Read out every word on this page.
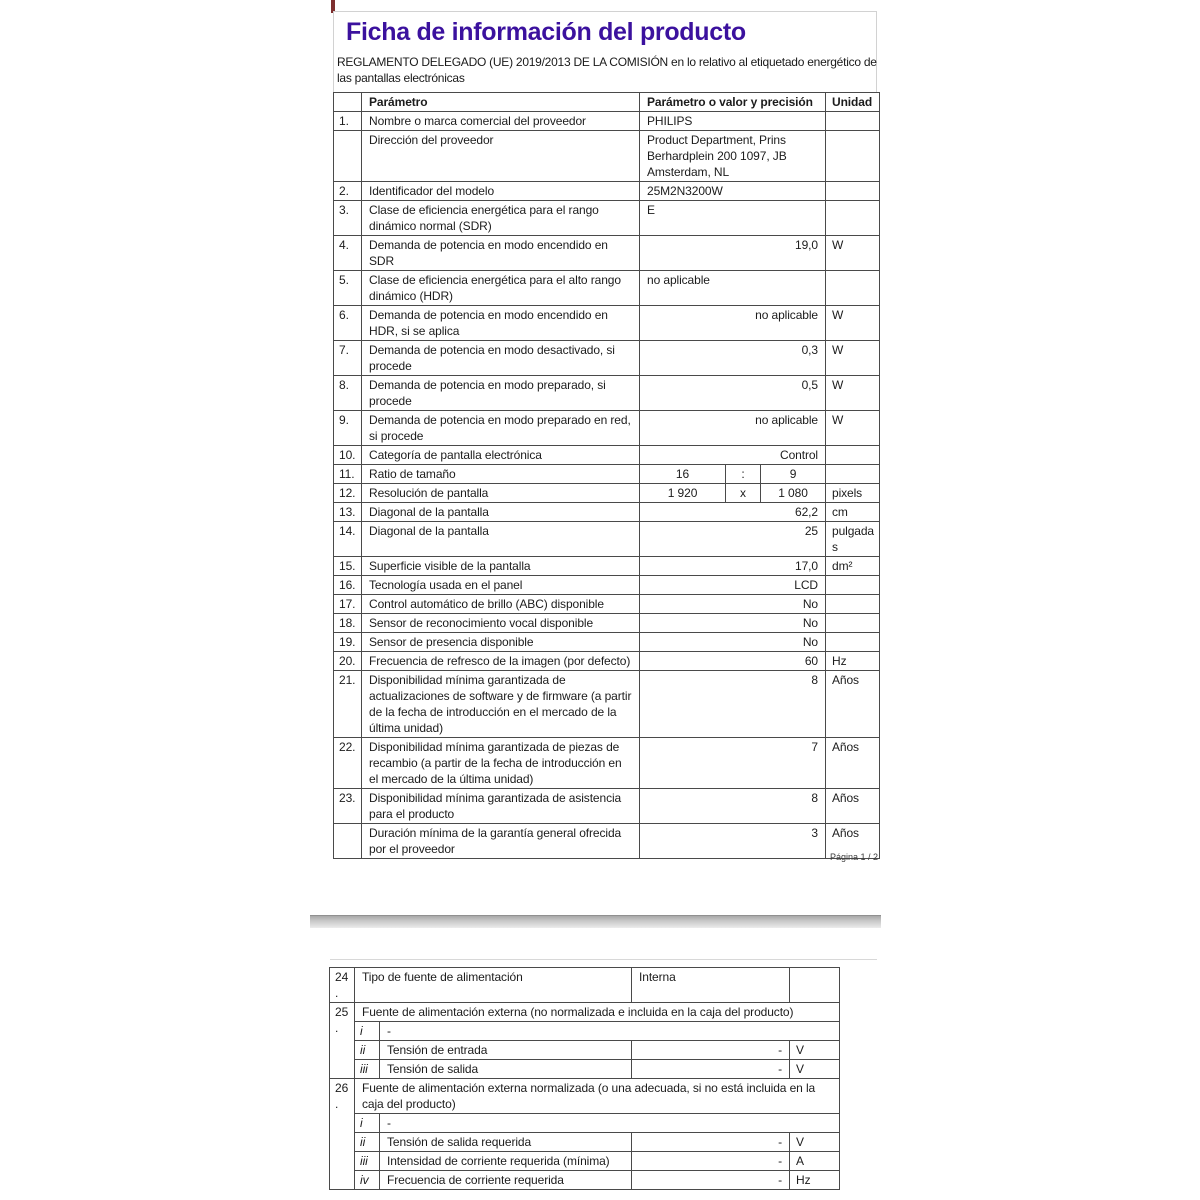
Ficha de información del producto

REGLAMENTO DELEGADO (UE) 2019/2013 DE LA COMISIÓN en lo relativo al etiquetado energético de las pantallas electrónicas

	Parámetro	Parámetro o valor y precisión			Unidad
1.	Nombre o marca comercial del proveedor	PHILIPS			
	Dirección del proveedor	Product Department, Prins Berhardplein 200 1097, JB Amsterdam, NL			
2.	Identificador del modelo	25M2N3200W			
3.	Clase de eficiencia energética para el rango dinámico normal (SDR)	E			
4.	Demanda de potencia en modo encendido en SDR	19,0			W
5.	Clase de eficiencia energética para el alto rango dinámico (HDR)	no aplicable			
6.	Demanda de potencia en modo encendido en HDR, si se aplica	no aplicable			W
7.	Demanda de potencia en modo desactivado, si procede	0,3			W
8.	Demanda de potencia en modo preparado, si procede	0,5			W
9.	Demanda de potencia en modo preparado en red, si procede	no aplicable			W
10.	Categoría de pantalla electrónica	Control			
11.	Ratio de tamaño	16	:	9	
12.	Resolución de pantalla	1 920	x	1 080	pixels
13.	Diagonal de la pantalla	62,2			cm
14.	Diagonal de la pantalla	25			pulgadas
15.	Superficie visible de la pantalla	17,0			dm²
16.	Tecnología usada en el panel	LCD			
17.	Control automático de brillo (ABC) disponible	No			
18.	Sensor de reconocimiento vocal disponible	No			
19.	Sensor de presencia disponible	No			
20.	Frecuencia de refresco de la imagen (por defecto)	60			Hz
21.	Disponibilidad mínima garantizada de actualizaciones de software y de firmware (a partir de la fecha de introducción en el mercado de la última unidad)	8			Años
22.	Disponibilidad mínima garantizada de piezas de recambio (a partir de la fecha de introducción en el mercado de la última unidad)	7			Años
23.	Disponibilidad mínima garantizada de asistencia para el producto	8			Años
	Duración mínima de la garantía general ofrecida por el proveedor	3			Años
Página 1 / 2
24.	Tipo de fuente de alimentación		Interna	
25.	Fuente de alimentación externa (no normalizada e incluida en la caja del producto)			
	i	-		
	ii	Tensión de entrada	-	V
	iii	Tensión de salida	-	V
26.	Fuente de alimentación externa normalizada (o una adecuada, si no está incluida en la caja del producto)			
	i	-		
	ii	Tensión de salida requerida	-	V
	iii	Intensidad de corriente requerida (mínima)	-	A
	iv	Frecuencia de corriente requerida	-	Hz
